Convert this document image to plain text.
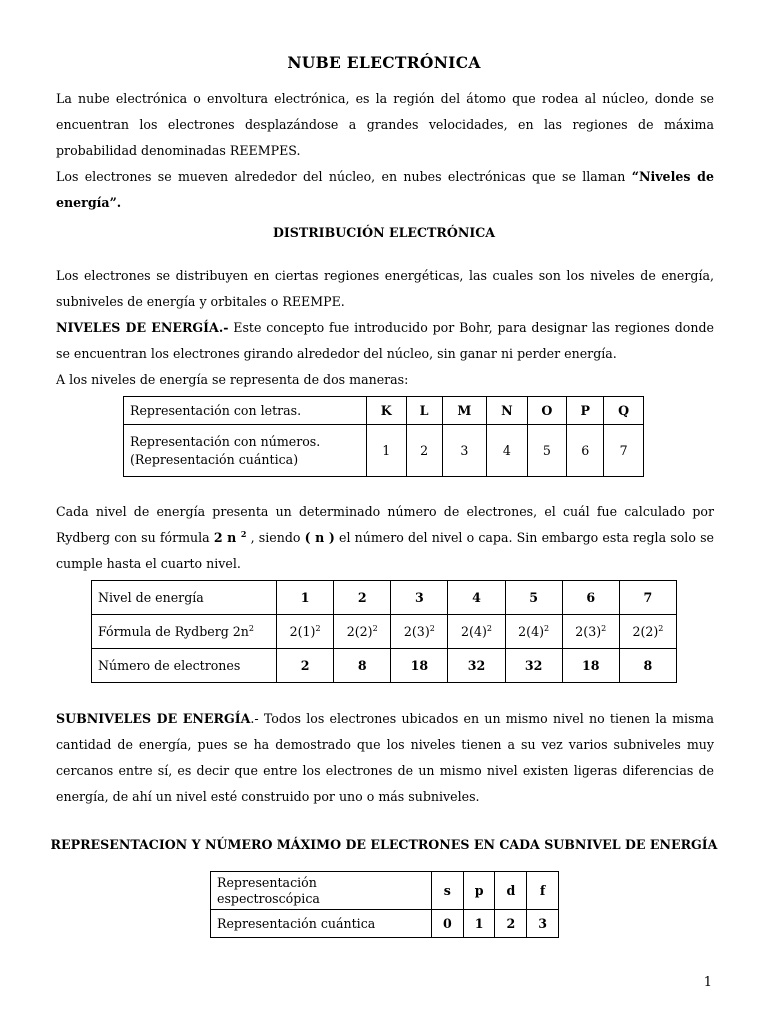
NUBE ELECTRÓNICA

La nube electrónica o envoltura electrónica, es la región del átomo que rodea al núcleo, donde se

encuentran los electrones desplazándose a grandes velocidades, en las regiones de máxima

probabilidad denominadas REEMPES.

Los electrones se mueven alrededor del núcleo, en nubes electrónicas que se llaman “Niveles de

energía”.

DISTRIBUCIÓN ELECTRÓNICA

Los electrones se distribuyen en ciertas regiones energéticas, las cuales son los niveles de energía,

subniveles de energía y orbitales o REEMPE.

NIVELES DE ENERGÍA.- Este concepto fue introducido por Bohr, para designar las regiones donde

se encuentran los electrones girando alrededor del núcleo, sin ganar ni perder energía.

A los niveles de energía se representa de dos maneras:

Representación con letras.	K	L	M	N	O	P	Q

Representación con números.
(Representación cuántica)	1	2	3	4	5	6	7

Cada nivel de energía presenta un determinado número de electrones, el cuál fue calculado por

Rydberg con su fórmula 2 n $^2$ , siendo ( n ) el número del nivel o capa. Sin embargo esta regla solo se

cumple hasta el cuarto nivel.

Nivel de energía	1	2	3	4	5	6	7
Fórmula de Rydberg $2n^2$	$2(1)^2$	$2(2)^2$	$2(3)^2$	$2(4)^2$	$2(4)^2$	$2(3)^2$	$2(2)^2$
Número de electrones	2	8	18	32	32	18	8

SUBNIVELES DE ENERGÍA.- Todos los electrones ubicados en un mismo nivel no tienen la misma

cantidad de energía, pues se ha demostrado que los niveles tienen a su vez varios subniveles muy

cercanos entre sí, es decir que entre los electrones de un mismo nivel existen ligeras diferencias de

energía, de ahí un nivel esté construido por uno o más subniveles.

REPRESENTACION Y NÚMERO MÁXIMO DE ELECTRONES EN CADA SUBNIVEL DE ENERGÍA
Representación
espectroscópica	s	p	d	f
Representación cuántica	0	1	2	3
1
